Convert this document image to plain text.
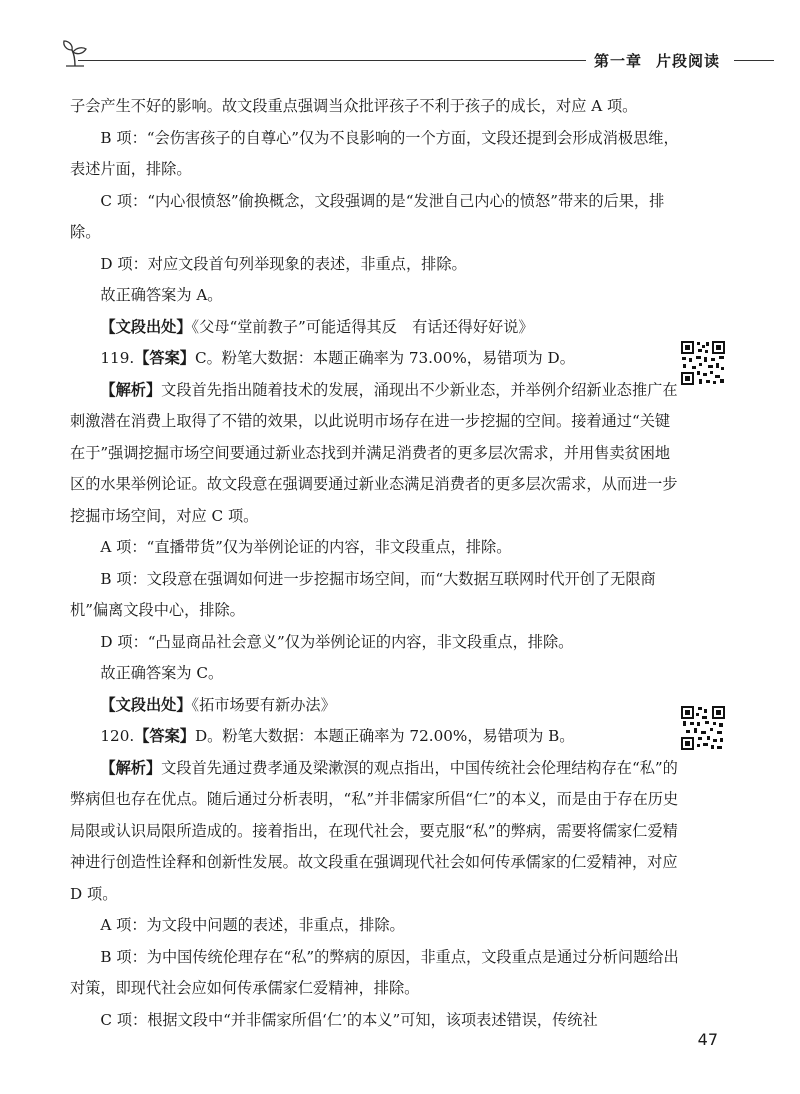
第一章 片段阅读

子会产生不好的影响。故文段重点强调当众批评孩子不利于孩子的成长，对应 A 项。

B 项：“会伤害孩子的自尊心”仅为不良影响的一个方面，文段还提到会形成消极思维，表述片面，排除。

C 项：“内心很愤怒”偷换概念，文段强调的是“发泄自己内心的愤怒”带来的后果，排除。

D 项：对应文段首句列举现象的表述，非重点，排除。

故正确答案为 A。

【文段出处】《父母“堂前教子”可能适得其反　有话还得好好说》

119.【答案】C。粉笔大数据：本题正确率为 73.00%，易错项为 D。

【解析】文段首先指出随着技术的发展，涌现出不少新业态，并举例介绍新业态推广在刺激潜在消费上取得了不错的效果，以此说明市场存在进一步挖掘的空间。接着通过“关键在于”强调挖掘市场空间要通过新业态找到并满足消费者的更多层次需求，并用售卖贫困地区的水果举例论证。故文段意在强调要通过新业态满足消费者的更多层次需求，从而进一步挖掘市场空间，对应 C 项。

A 项：“直播带货”仅为举例论证的内容，非文段重点，排除。

B 项：文段意在强调如何进一步挖掘市场空间，而“大数据互联网时代开创了无限商机”偏离文段中心，排除。

D 项：“凸显商品社会意义”仅为举例论证的内容，非文段重点，排除。

故正确答案为 C。

【文段出处】《拓市场要有新办法》

120.【答案】D。粉笔大数据：本题正确率为 72.00%，易错项为 B。

【解析】文段首先通过费孝通及梁漱溟的观点指出，中国传统社会伦理结构存在“私”的弊病但也存在优点。随后通过分析表明，“私”并非儒家所倡“仁”的本义，而是由于存在历史局限或认识局限所造成的。接着指出，在现代社会，要克服“私”的弊病，需要将儒家仁爱精神进行创造性诠释和创新性发展。故文段重在强调现代社会如何传承儒家的仁爱精神，对应 D 项。

A 项：为文段中问题的表述，非重点，排除。

B 项：为中国传统伦理存在“私”的弊病的原因，非重点，文段重点是通过分析问题给出对策，即现代社会应如何传承儒家仁爱精神，排除。

C 项：根据文段中“并非儒家所倡‘仁’的本义”可知，该项表述错误，传统社

47
